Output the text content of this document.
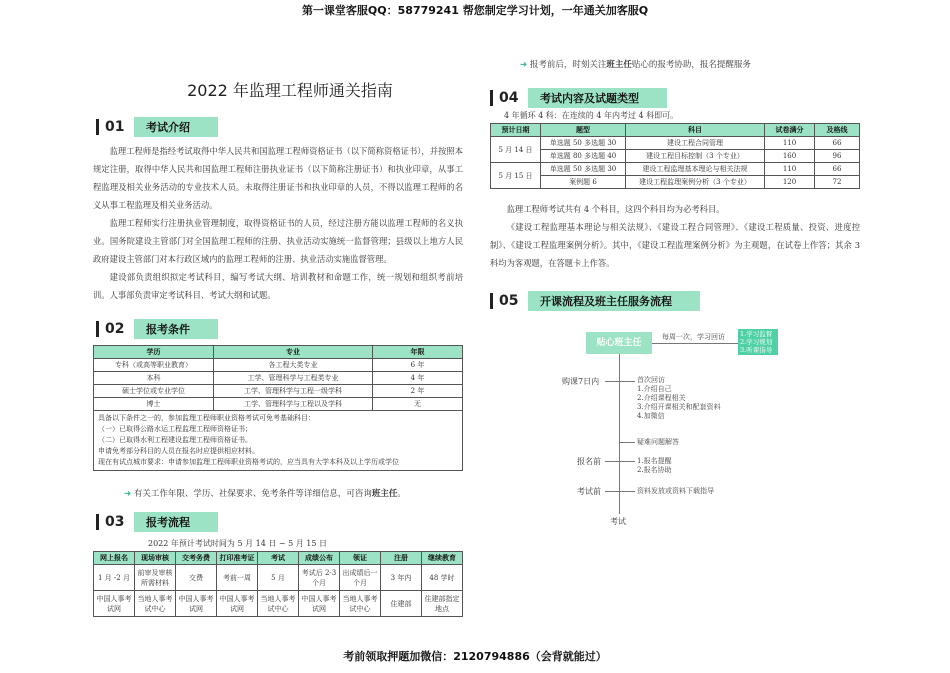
第一课堂客服QQ：58779241 帮您制定学习计划，一年通关加客服Q
考前领取押题加微信：2120794886（会背就能过）
2022 年监理工程师通关指南
01	考试介绍

监理工程师是指经考试取得中华人民共和国监理工程师资格证书（以下简称资格证书），并按照本规定注册，取得中华人民共和国监理工程师注册执业证书（以下简称注册证书）和执业印章，从事工程监理及相关业务活动的专业技术人员。未取得注册证书和执业印章的人员，不得以监理工程师的名义从事工程监理及相关业务活动。

监理工程师实行注册执业管理制度，取得资格证书的人员，经过注册方能以监理工程师的名义执业。国务院建设主管部门对全国监理工程师的注册、执业活动实施统一监督管理；县级以上地方人民政府建设主管部门对本行政区域内的监理工程师的注册、执业活动实施监督管理。

建设部负责组织拟定考试科目，编写考试大纲、培训教材和命题工作，统一规划和组织考前培训。人事部负责审定考试科目、考试大纲和试题。

02	报考条件
学历	专业	年限
专科（或高等职业教育）	各工程大类专业	6 年
本科	工学、管理科学与工程类专业	4 年
硕士学位或专业学位	工学、管理科学与工程一级学科	2 年
博士	工学、管理科学与工程以及学科	无
具备以下条件之一的，参加监理工程师职业资格考试可免考基础科目：
（一）已取得公路水运工程监理工程师资格证书；
（二）已取得水利工程建设监理工程师资格证书。
申请免考部分科目的人员在报名时应提供相应材料。
现在有试点城市要求：申请参加监理工程师职业资格考试的，应当具有大学本科及以上学历或学位
➜ 有关工作年限、学历、社保要求、免考条件等详细信息，可咨询班主任。
03	报考流程
2022 年预计考试时间为 5 月 14 日 ~ 5 月 15 日
网上报名	现场审核	交考务费	打印准考证	考试	成绩公布	领证	注册	继续教育
1 月 -2 月	前审及审核所需材料	交费	考前一周	5 月	考试后 2-3 个月	出成绩后一个月	3 年内	48 学时
中国人事考试网	当地人事考试中心	中国人事考试网	中国人事考试网	当地人事考试中心	中国人事考试网	当地人事考试中心	住建部	住建部指定地点
➜ 报考前后，时刻关注班主任贴心的报考协助，报名提醒服务
04	考试内容及试题类型
4 年循环 4 科：在连续的 4 年内考过 4 科即可。
预计日期	题型	科目	试卷满分	及格线
5 月 14 日	单选题 50 多选题 30	建设工程合同管理	110	66
	单选题 80 多选题 40	建设工程目标控制（3 个专业）	160	96
5 月 15 日	单选题 50 多选题 30	建设工程监理基本理论与相关法规	110	66
	案例题 6	建设工程监理案例分析（3 个专业）	120	72

监理工程师考试共有 4 个科目，这四个科目均为必考科目。

《建设工程监理基本理论与相关法规》、《建设工程合同管理》、《建设工程质量、投资、进度控制》、《建设工程监理案例分析》。其中，《建设工程监理案例分析》为主观题，在试卷上作答；其余 3 科均为客观题，在答题卡上作答。

05	开课流程及班主任服务流程
贴心班主任
每周一次，学习回访 1.学习监督
2.学习规划
3.听课指导
购课7日内	首次回访
1.介绍自己
2.介绍课程相关
3.介绍开课相关和配套资料
4.加微信
疑难问题解答
报名前	1.报名提醒
2.报名协助
考试前	资料发放或资料下载指导
考试
